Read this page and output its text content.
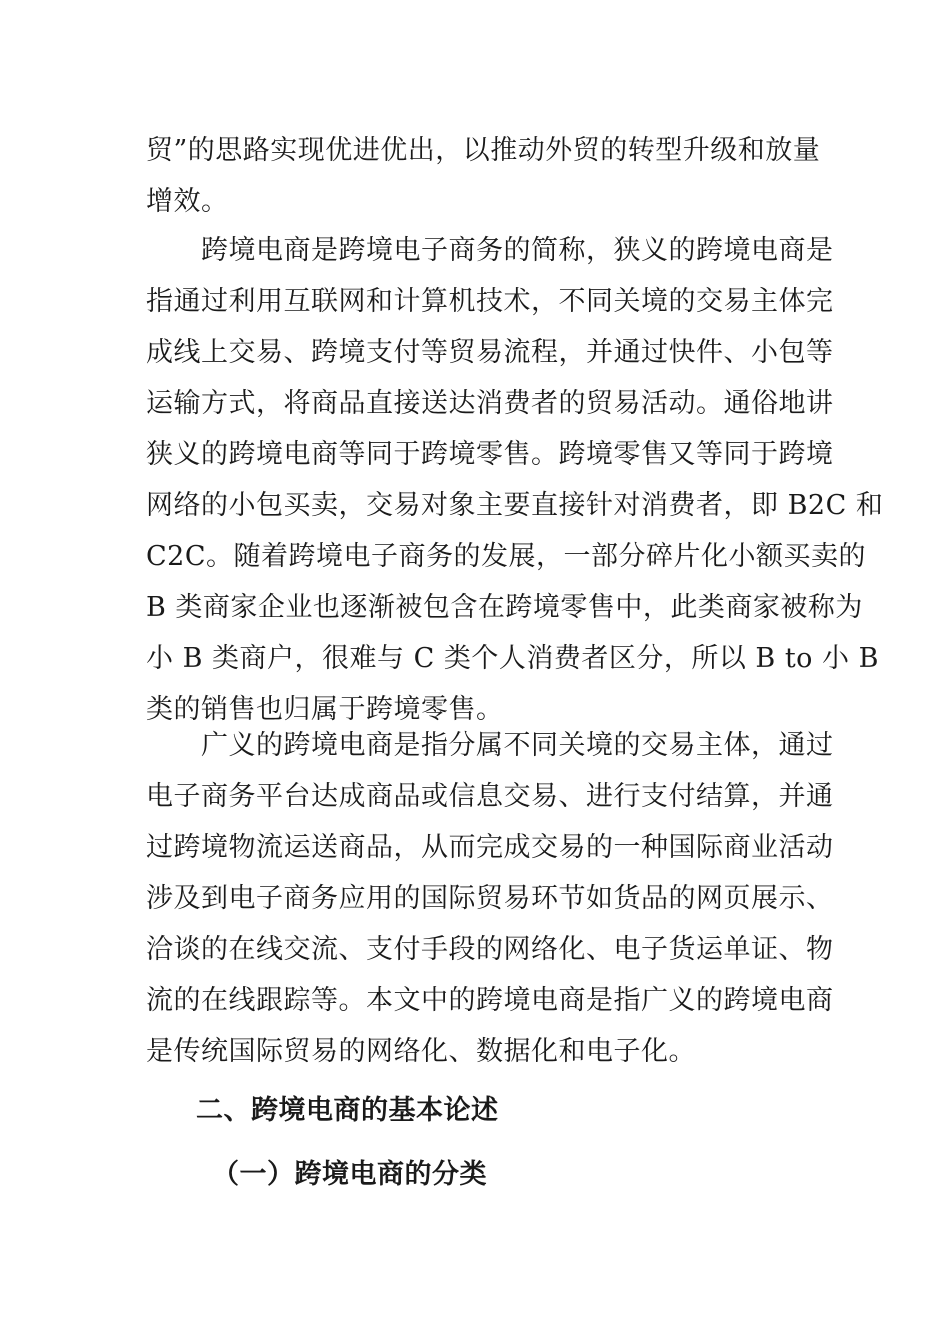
贸”的思路实现优进优出，以推动外贸的转型升级和放量
增效。
　　跨境电商是跨境电子商务的简称，狭义的跨境电商是
指通过利用互联网和计算机技术，不同关境的交易主体完
成线上交易、跨境支付等贸易流程，并通过快件、小包等
运输方式，将商品直接送达消费者的贸易活动。通俗地讲
狭义的跨境电商等同于跨境零售。跨境零售又等同于跨境
网络的小包买卖，交易对象主要直接针对消费者，即 B2C 和
C2C。随着跨境电子商务的发展，一部分碎片化小额买卖的
B 类商家企业也逐渐被包含在跨境零售中，此类商家被称为
小 B 类商户，很难与 C 类个人消费者区分，所以 B to 小 B
类的销售也归属于跨境零售。
　　广义的跨境电商是指分属不同关境的交易主体，通过
电子商务平台达成商品或信息交易、进行支付结算，并通
过跨境物流运送商品，从而完成交易的一种国际商业活动
涉及到电子商务应用的国际贸易环节如货品的网页展示、
洽谈的在线交流、支付手段的网络化、电子货运单证、物
流的在线跟踪等。本文中的跨境电商是指广义的跨境电商
是传统国际贸易的网络化、数据化和电子化。
二、跨境电商的基本论述
（一）跨境电商的分类
